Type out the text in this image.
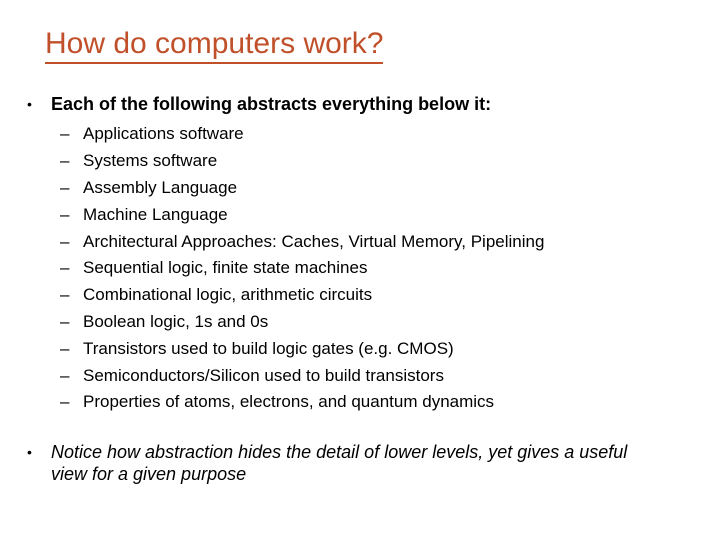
How do computers work?
•	Each of the following abstracts everything below it:
– Applications software
– Systems software
– Assembly Language
– Machine Language
– Architectural Approaches: Caches, Virtual Memory, Pipelining
– Sequential logic, finite state machines
– Combinational logic, arithmetic circuits
– Boolean logic, 1s and 0s
– Transistors used to build logic gates (e.g. CMOS)
– Semiconductors/Silicon used to build transistors
– Properties of atoms, electrons, and quantum dynamics
•	Notice how abstraction hides the detail of lower levels, yet gives a useful view for a given purpose
